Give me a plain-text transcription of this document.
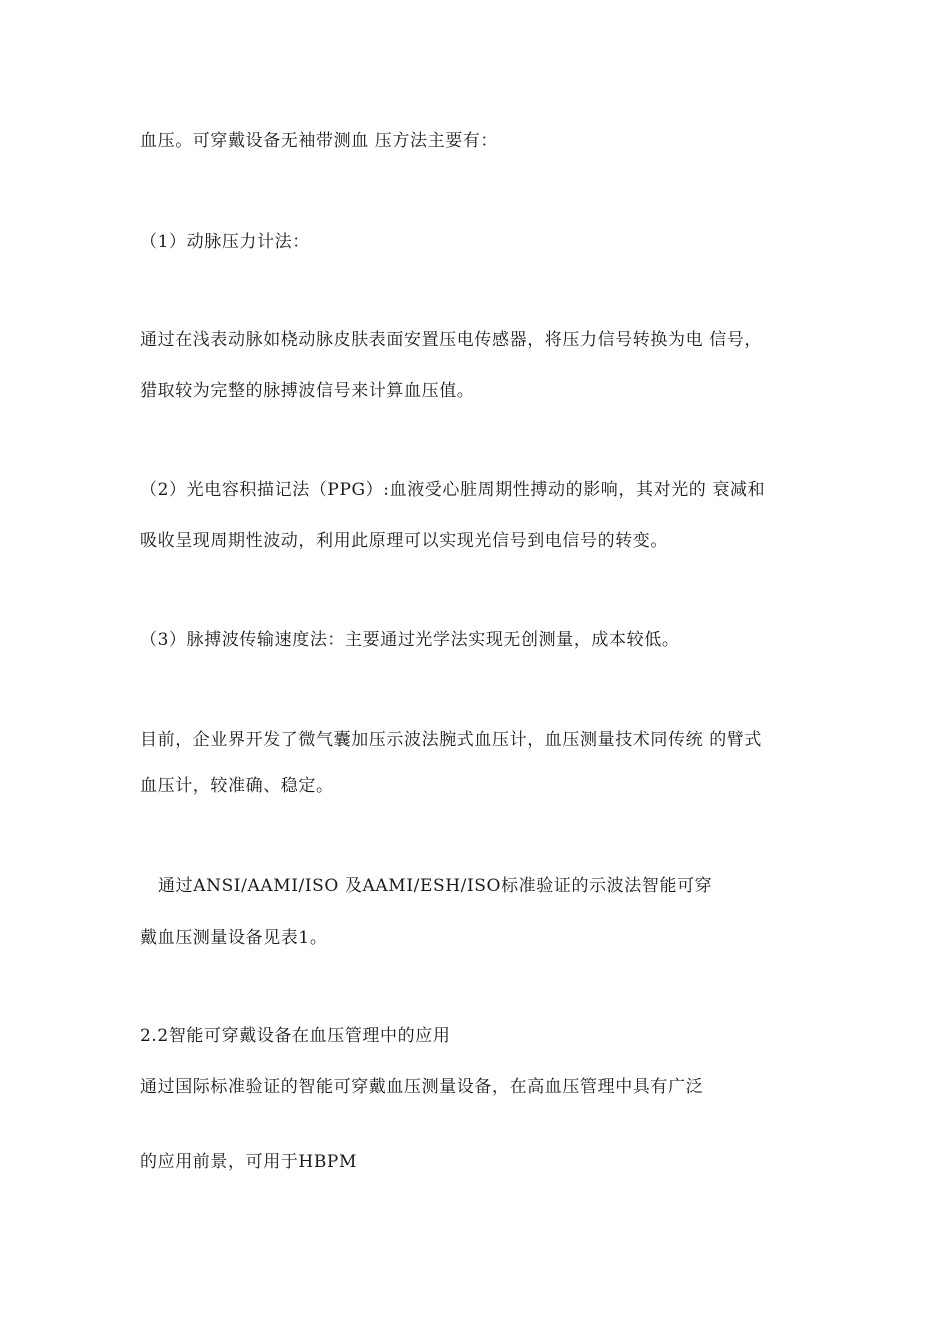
血压。可穿戴设备无袖带测血 压方法主要有：
（1）动脉压力计法：
通过在浅表动脉如桡动脉皮肤表面安置压电传感器，将压力信号转换为电 信号，
猎取较为完整的脉搏波信号来计算血压值。
（2）光电容积描记法（PPG）:血液受心脏周期性搏动的影响，其对光的 衰减和
吸收呈现周期性波动，利用此原理可以实现光信号到电信号的转变。
（3）脉搏波传输速度法：主要通过光学法实现无创测量，成本较低。
目前，企业界开发了微气囊加压示波法腕式血压计，血压测量技术同传统 的臂式
血压计，较准确、稳定。
通过ANSI/AAMI/ISO 及AAMI/ESH/ISO标准验证的示波法智能可穿
戴血压测量设备见表1。
2.2智能可穿戴设备在血压管理中的应用
通过国际标准验证的智能可穿戴血压测量设备，在高血压管理中具有广泛
的应用前景，可用于HBPM
